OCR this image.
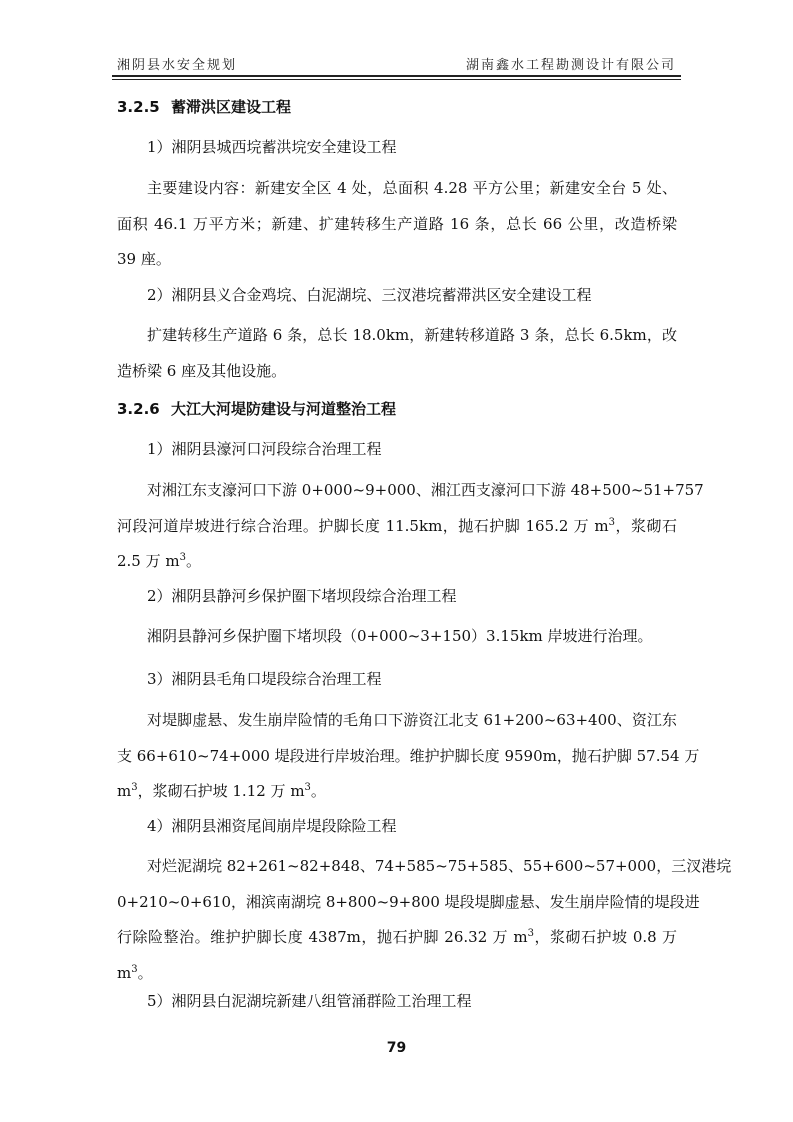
湘阴县水安全规划	湖南鑫水工程勘测设计有限公司
3.2.5 蓄滞洪区建设工程
1）湘阴县城西垸蓄洪垸安全建设工程
主要建设内容：新建安全区 4 处，总面积 4.28 平方公里；新建安全台 5 处、
面积 46.1 万平方米；新建、扩建转移生产道路 16 条，总长 66 公里，改造桥梁
39 座。
2）湘阴县义合金鸡垸、白泥湖垸、三汊港垸蓄滞洪区安全建设工程
扩建转移生产道路 6 条，总长 18.0km，新建转移道路 3 条，总长 6.5km，改
造桥梁 6 座及其他设施。
3.2.6 大江大河堤防建设与河道整治工程
1）湘阴县濠河口河段综合治理工程
对湘江东支濠河口下游 0+000~9+000、湘江西支濠河口下游 48+500~51+757
河段河道岸坡进行综合治理。护脚长度 11.5km，抛石护脚 165.2 万 $m^3$，浆砌石
2.5 万 $m^3$。
2）湘阴县静河乡保护圈下堵坝段综合治理工程
湘阴县静河乡保护圈下堵坝段（0+000~3+150）3.15km 岸坡进行治理。
3）湘阴县毛角口堤段综合治理工程
对堤脚虚悬、发生崩岸险情的毛角口下游资江北支 61+200~63+400、资江东
支 66+610~74+000 堤段进行岸坡治理。维护护脚长度 9590m，抛石护脚 57.54 万
$m^3$，浆砌石护坡 1.12 万 $m^3$。
4）湘阴县湘资尾闾崩岸堤段除险工程
对烂泥湖垸 82+261~82+848、74+585~75+585、55+600~57+000，三汊港垸
0+210~0+610，湘滨南湖垸 8+800~9+800 堤段堤脚虚悬、发生崩岸险情的堤段进
行除险整治。维护护脚长度 4387m，抛石护脚 26.32 万 $m^3$，浆砌石护坡 0.8 万
$m^3$。
5）湘阴县白泥湖垸新建八组管涌群险工治理工程
79
